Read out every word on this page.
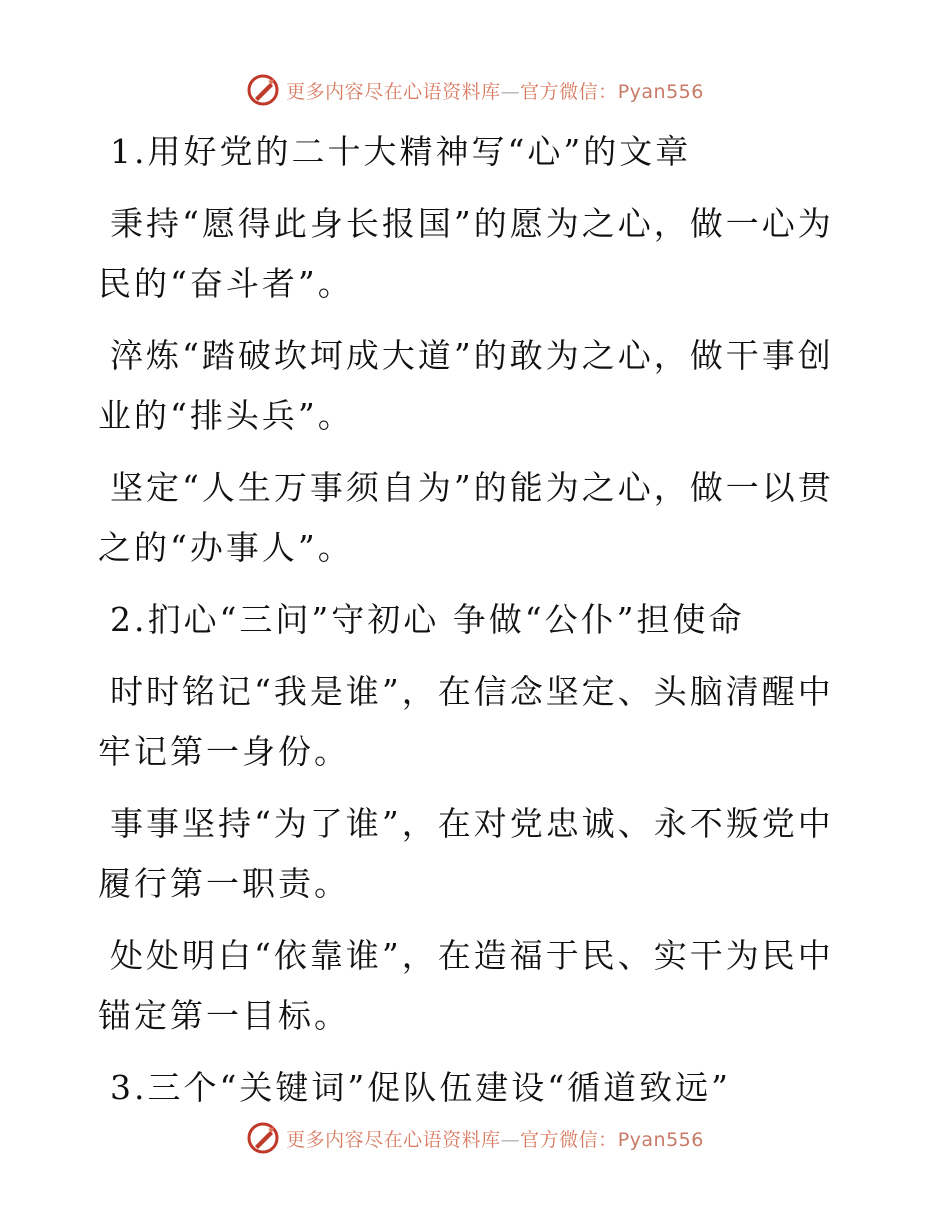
更多内容尽在心语资料库—官方微信：Pyan556

1.用好党的二十大精神写“心”的文章

秉持“愿得此身长报国”的愿为之心，做一心为

民的“奋斗者”。

淬炼“踏破坎坷成大道”的敢为之心，做干事创

业的“排头兵”。

坚定“人生万事须自为”的能为之心，做一以贯

之的“办事人”。

2.扪心“三问”守初心 争做“公仆”担使命

时时铭记“我是谁”，在信念坚定、头脑清醒中

牢记第一身份。

事事坚持“为了谁”，在对党忠诚、永不叛党中

履行第一职责。

处处明白“依靠谁”，在造福于民、实干为民中

锚定第一目标。

3.三个“关键词”促队伍建设“循道致远”

更多内容尽在心语资料库—官方微信：Pyan556
